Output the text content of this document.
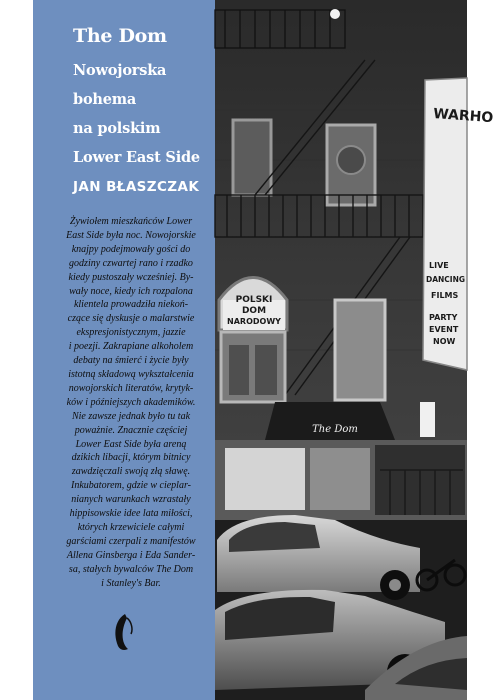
The Dom
Nowojorska
bohema
na polskim
Lower East Side
JAN BŁASZCZAK
Żywiołem mieszkańców Lower
East Side była noc. Nowojorskie
knajpy podejmowały gości do
godziny czwartej rano i rzadko
kiedy pustoszały wcześniej. By-
wały noce, kiedy ich rozpalona
klientela prowadziła niekoń-
czące się dyskusje o malarstwie
ekspresjonistycznym, jazzie
i poezji. Zakrapiane alkoholem
debaty na śmierć i życie były
istotną składową wykształcenia
nowojorskich literatów, krytyk-
ków i późniejszych akademików.
Nie zawsze jednak było tu tak
poważnie. Znacznie częściej
Lower East Side była areną
dzikich libacji, którym bitnicy
zawdzięczali swoją złą sławę.
Inkubatorem, gdzie w cieplar-
nianych warunkach wzrastały
hippisowskie idee lata miłości,
których krzewiciele całymi
garściami czerpali z manifestów
Allena Ginsberga i Eda Sander-
sa, stałych bywalców The Dom
i Stanley's Bar.
POLSKI
DOM
NARODOWY
The Dom
WARHO
LIVE
DANCING
FILMS
PARTY
EVENT
NOW
